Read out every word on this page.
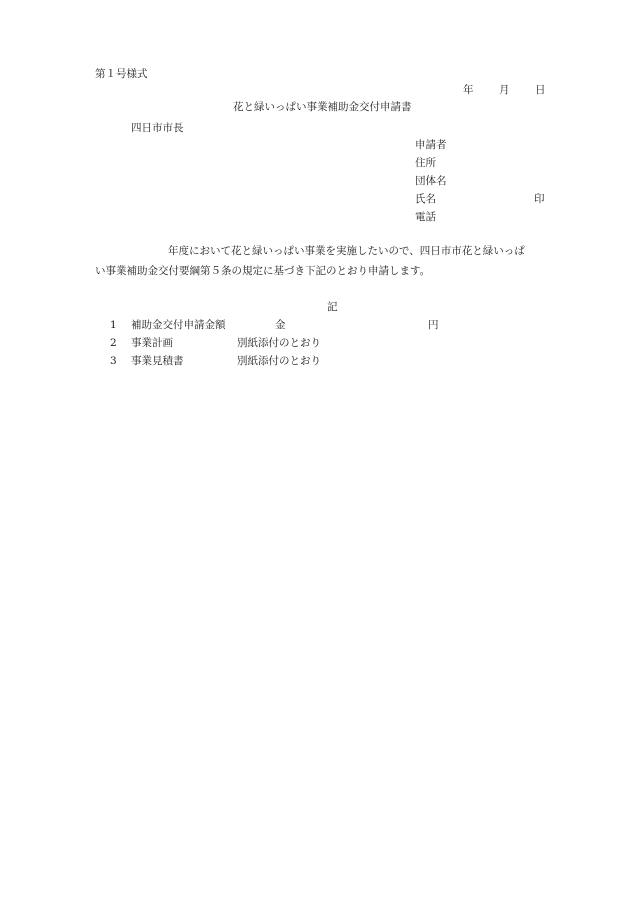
第１号様式
年 月 日
花と緑いっぱい事業補助金交付申請書
四日市市長
申請者
住所
団体名
氏名	印
電話
年度において花と緑いっぱい事業を実施したいので、四日市市花と緑いっぱ
い事業補助金交付要綱第５条の規定に基づき下記のとおり申請します。
記
1 補助金交付申請金額	金	円
2 事業計画	別紙添付のとおり
3 事業見積書	別紙添付のとおり
